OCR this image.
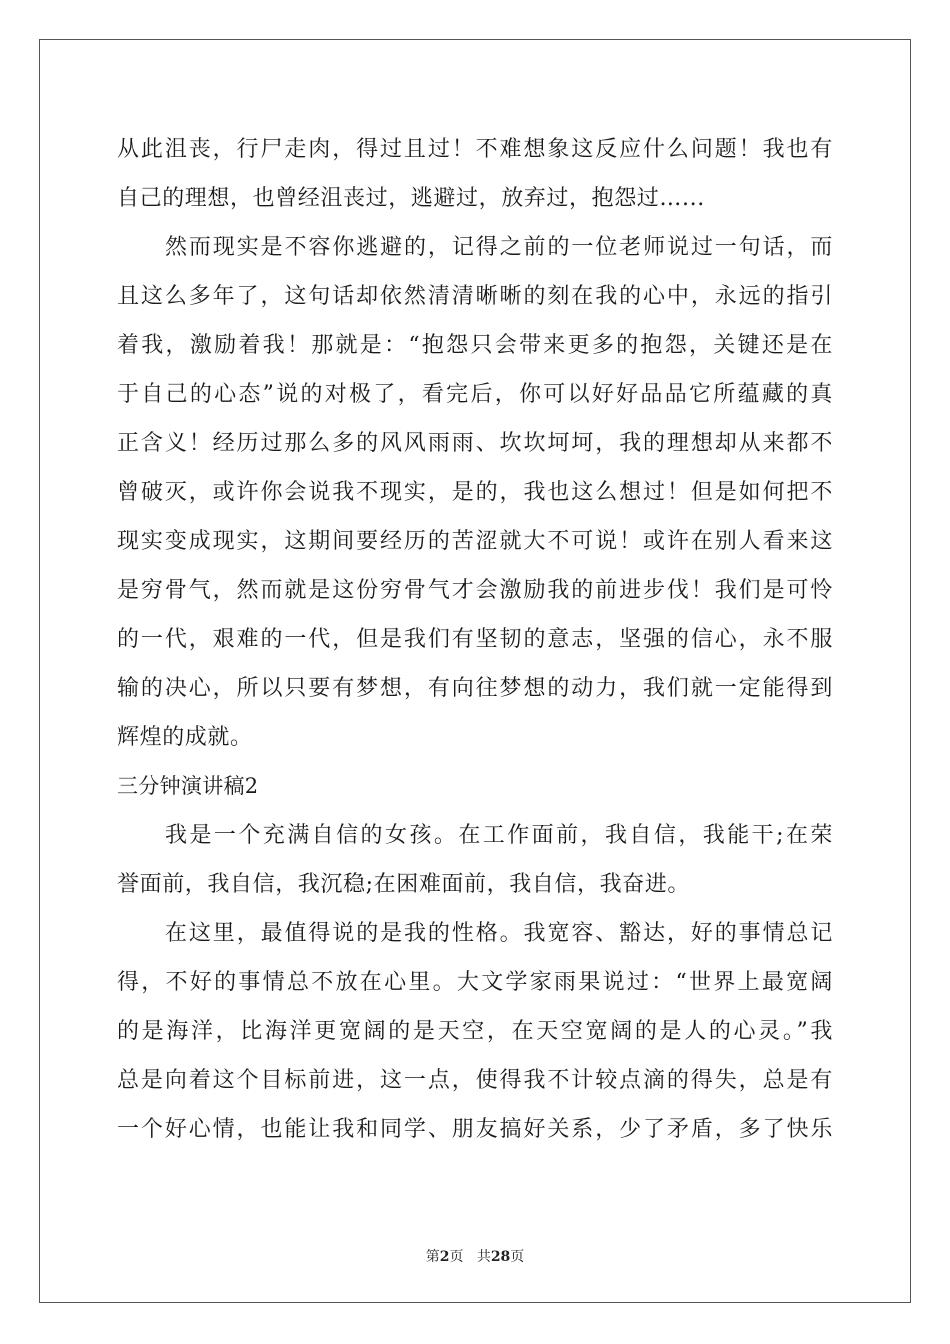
从此沮丧，行尸走肉，得过且过！不难想象这反应什么问题！我也有
自己的理想，也曾经沮丧过，逃避过，放弃过，抱怨过…...
然而现实是不容你逃避的，记得之前的一位老师说过一句话，而
且这么多年了，这句话却依然清清晰晰的刻在我的心中，永远的指引
着我，激励着我！那就是：“抱怨只会带来更多的抱怨，关键还是在
于自己的心态”说的对极了，看完后，你可以好好品品它所蕴藏的真
正含义！经历过那么多的风风雨雨、坎坎坷坷，我的理想却从来都不
曾破灭，或许你会说我不现实，是的，我也这么想过！但是如何把不
现实变成现实，这期间要经历的苦涩就大不可说！或许在别人看来这
是穷骨气，然而就是这份穷骨气才会激励我的前进步伐！我们是可怜
的一代，艰难的一代，但是我们有坚韧的意志，坚强的信心，永不服
输的决心，所以只要有梦想，有向往梦想的动力，我们就一定能得到
辉煌的成就。
三分钟演讲稿2
我是一个充满自信的女孩。在工作面前，我自信，我能干;在荣
誉面前，我自信，我沉稳;在困难面前，我自信，我奋进。
在这里，最值得说的是我的性格。我宽容、豁达，好的事情总记
得，不好的事情总不放在心里。大文学家雨果说过：“世界上最宽阔
的是海洋，比海洋更宽阔的是天空，在天空宽阔的是人的心灵。”我
总是向着这个目标前进，这一点，使得我不计较点滴的得失，总是有
一个好心情，也能让我和同学、朋友搞好关系，少了矛盾，多了快乐
第2页 共28页
